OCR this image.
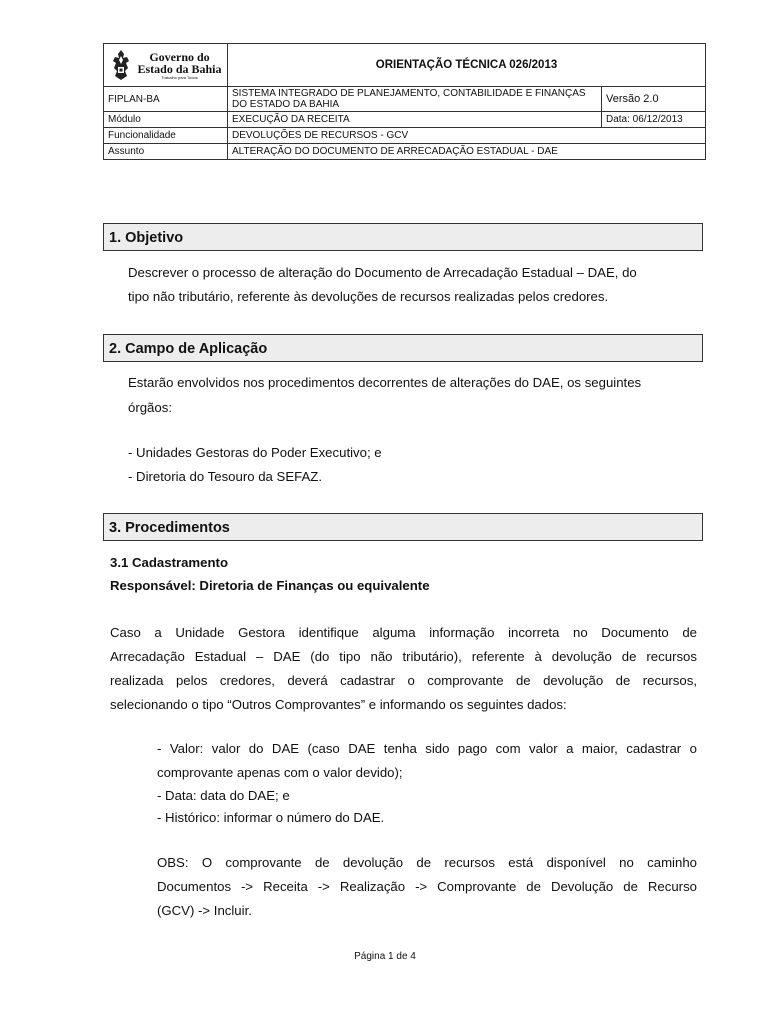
Governo do
Estado da Bahia
Trabalho para Todos	ORIENTAÇÃO TÉCNICA 026/2013	
FIPLAN-BA	SISTEMA INTEGRADO DE PLANEJAMENTO, CONTABILIDADE E FINANÇAS DO ESTADO DA BAHIA	Versão 2.0
Módulo	EXECUÇÃO DA RECEITA	Data: 06/12/2013
Funcionalidade	DEVOLUÇÕES DE RECURSOS - GCV	
Assunto	ALTERAÇÃO DO DOCUMENTO DE ARRECADAÇÃO ESTADUAL - DAE	
1. Objetivo
Descrever o processo de alteração do Documento de Arrecadação Estadual – DAE, do
tipo não tributário, referente às devoluções de recursos realizadas pelos credores.
2. Campo de Aplicação
Estarão envolvidos nos procedimentos decorrentes de alterações do DAE, os seguintes
órgãos:
- Unidades Gestoras do Poder Executivo; e
- Diretoria do Tesouro da SEFAZ.
3. Procedimentos
3.1 Cadastramento
Responsável: Diretoria de Finanças ou equivalente
Caso a Unidade Gestora identifique alguma informação incorreta no Documento de
Arrecadação Estadual – DAE (do tipo não tributário), referente à devolução de recursos
realizada pelos credores, deverá cadastrar o comprovante de devolução de recursos,
selecionando o tipo “Outros Comprovantes” e informando os seguintes dados:
- Valor: valor do DAE (caso DAE tenha sido pago com valor a maior, cadastrar o
comprovante apenas com o valor devido);
- Data: data do DAE; e
- Histórico: informar o número do DAE.
OBS: O comprovante de devolução de recursos está disponível no caminho
Documentos -> Receita -> Realização -> Comprovante de Devolução de Recurso
(GCV) -> Incluir.
Página 1 de 4
